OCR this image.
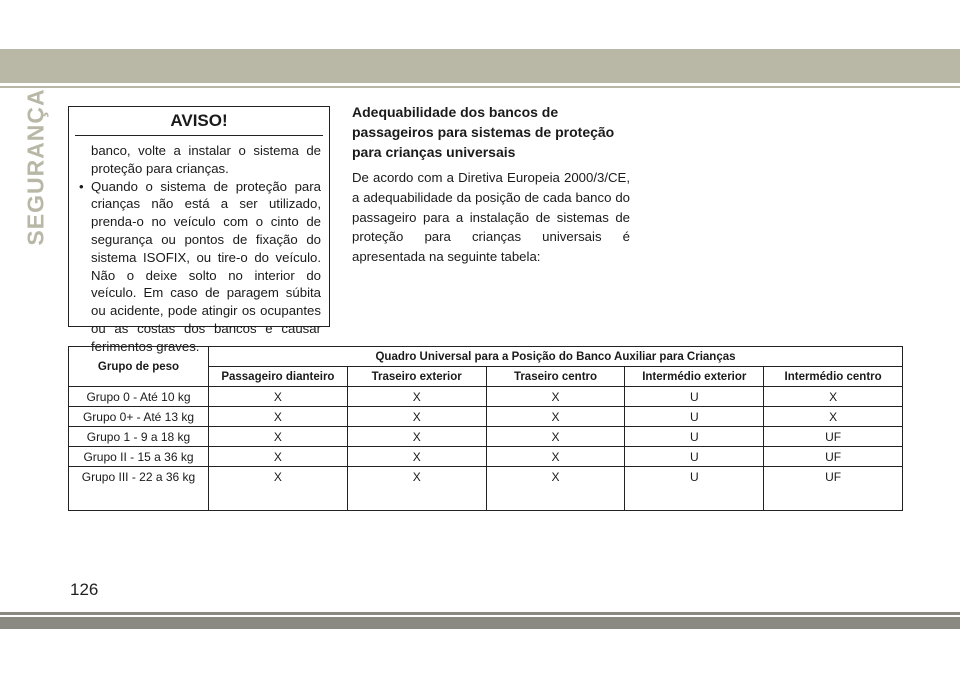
SEGURANÇA	AVISO!

banco, volte a instalar o sistema de proteção para crianças.

• Quando o sistema de proteção para crianças não está a ser utilizado, prenda-o no veículo com o cinto de segurança ou pontos de fixação do sistema ISOFIX, ou tire-o do veículo. Não o deixe solto no interior do veículo. Em caso de paragem súbita ou acidente, pode atingir os ocupantes ou as costas dos bancos e causar ferimentos graves.

Adequabilidade dos bancos de passageiros para sistemas de proteção para crianças universais
De acordo com a Diretiva Europeia 2000/3/CE, a adequabilidade da posição de cada banco do passageiro para a instalação de sistemas de proteção para crianças universais é apresentada na seguinte tabela:
Grupo de peso	Quadro Universal para a Posição do Banco Auxiliar para Crianças				
	Passageiro dianteiro	Traseiro exterior	Traseiro centro	Intermédio exterior	Intermédio centro
Grupo 0 - Até 10 kg	X	X	X	U	X
Grupo 0+ - Até 13 kg	X	X	X	U	X
Grupo 1 - 9 a 18 kg	X	X	X	U	UF
Grupo II - 15 a 36 kg	X	X	X	U	UF
Grupo III - 22 a 36 kg	X	X	X	U	UF
126
